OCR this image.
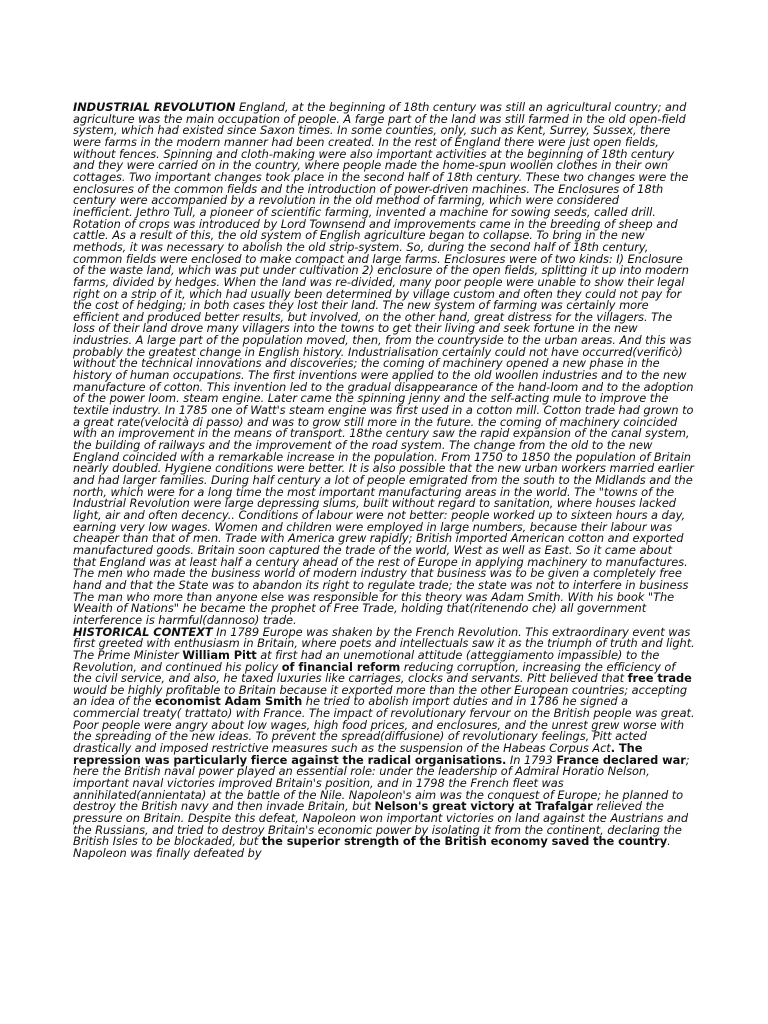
INDUSTRIAL REVOLUTION England, at the beginning of 18th century was still an agricultural country; and agriculture was the main occupation of people. A farge part of the land was still farmed in the old open-field system, which had existed since Saxon times. In some counties, only, such as Kent, Surrey, Sussex, there were farms in the modern manner had been created. In the rest of England there were just open fields, without fences. Spinning and cloth-making were also important activities at the beginning of 18th century and they were carried on in the country, where people made the home-spun woollen clothes in their own cottages. Two important changes took place in the second half of 18th century. These two changes were the enclosures of the common fields and the introduction of power-driven machines. The Enclosures of 18th century were accompanied by a revolution in the old method of farming, which were considered

inefficient. Jethro Tull, a pioneer of scientific farming, invented a machine for sowing seeds, called drill. Rotation of crops was introduced by Lord Townsend and improvements came in the breeding of sheep and cattle. As a result of this, the old system of English agriculture began to collapse. To bring in the new methods, it was necessary to abolish the old strip-system. So, during the second half of 18th century, common fields were enclosed to make compact and large farms. Enclosures were of two kinds: I) Enclosure of the waste land, which was put under cultivation 2) enclosure of the open fields, splitting it up into modern farms, divided by hedges. When the land was re-divided, many poor people were unable to show their legal right on a strip of it, which had usually been determined by village custom and often they could not pay for the cost of hedging; in both cases they lost their land. The new system of farming was certainly more efficient and produced better results, but involved, on the other hand, great distress for the villagers. The loss of their land drove many villagers into the towns to get their living and seek fortune in the new industries. A large part of the population moved, then, from the countryside to the urban areas. And this was probably the greatest change in English history. Industrialisation certainly could not have occurred(verificò) without the technical innovations and discoveries; the coming of machinery opened a new phase in the history of human occupations. The first inventions were applied to the old woollen industries and to the new manufacture of cotton. This invention led to the gradual disappearance of the hand-loom and to the adoption of the power loom. steam engine. Later came the spinning jenny and the self-acting mule to improve the textile industry. In 1785 one of Watt's steam engine was first used in a cotton mill. Cotton trade had grown to a great rate(velocità di passo) and was to grow still more in the future. the coming of machinery coincided with an improvement in the means of transport. 18the century saw the rapid expansion of the canal system, the building of railways and the improvement of the road system. The change from the old to the new England coincided with a remarkable increase in the population. From 1750 to 1850 the population of Britain nearly doubled. Hygiene conditions were better. It is also possible that the new urban workers married earlier and had larger families. During half century a lot of people emigrated from the south to the Midlands and the north, which were for a long time the most important manufacturing areas in the world. The "towns of the Industrial Revolution were large depressing slums, built without regard to sanitation, where houses lacked light, air and often decency.. Conditions of labour were not better: people worked up to sixteen hours a day, earning very low wages. Women and children were employed in large numbers, because their labour was cheaper than that of men. Trade with America grew rapidly; British imported American cotton and exported manufactured goods. Britain soon captured the trade of the world, West as well as East. So it came about that England was at least half a century ahead of the rest of Europe in applying machinery to manufactures. The men who made the business world of modern industry that business was to be given a completely free hand and that the State was to abandon its right to regulate trade; the state was not to interfere in business The man who more than anyone else was responsible for this theory was Adam Smith. With his book "The Weaith of Nations" he became the prophet of Free Trade, holding that(ritenendo che) all government interference is harmful(dannoso) trade.

HISTORICAL CONTEXT In 1789 Europe was shaken by the French Revolution. This extraordinary event was first greeted with enthusiasm in Britain, where poets and intellectuals saw it as the triumph of truth and light. The Prime Minister William Pitt at first had an unemotional attitude (atteggiamento impassible) to the Revolution, and continued his policy of financial reform reducing corruption, increasing the efficiency of the civil service, and also, he taxed luxuries like carriages, clocks and servants. Pitt believed that free trade would be highly profitable to Britain because it exported more than the other European countries; accepting an idea of the economist Adam Smith he tried to abolish import duties and in 1786 he signed a commercial treaty( trattato) with France. The impact of revolutionary fervour on the British people was great. Poor people were angry about low wages, high food prices, and enclosures, and the unrest grew worse with the spreading of the new ideas. To prevent the spread(diffusione) of revolutionary feelings, Pitt acted drastically and imposed restrictive measures such as the suspension of the Habeas Corpus Act. The repression was particularly fierce against the radical organisations. In 1793 France declared war; here the British naval power played an essential role: under the leadership of Admiral Horatio Nelson, important naval victories improved Britain's position, and in 1798 the French fleet was annihilated(annientata) at the battle of the Nile. Napoleon's aim was the conquest of Europe; he planned to destroy the British navy and then invade Britain, but Nelson's great victory at Trafalgar relieved the pressure on Britain. Despite this defeat, Napoleon won important victories on land against the Austrians and the Russians, and tried to destroy Britain's economic power by isolating it from the continent, declaring the British Isles to be blockaded, but the superior strength of the British economy saved the country. Napoleon was finally defeated by
